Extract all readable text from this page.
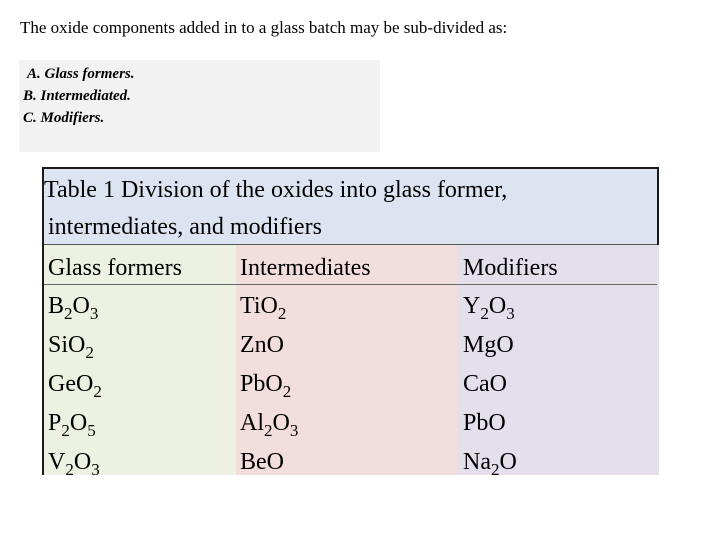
The oxide components added in to a glass batch may be sub-divided as:
A. Glass formers.
B. Intermediated.
C. Modifiers.
Table 1 Division of the oxides into glass former,
intermediates, and modifiers
Glass formers Intermediates	Modifiers
$B_2O_3$
SiO$_2$
GeO$_2$
$P_2O_5$
$V_2O_3$
TiO$_2$
ZnO
PbO$_2$
$Al_2O_3$
BeO
$Y_2O_3$
MgO
CaO
PbO
$Na_2O$
